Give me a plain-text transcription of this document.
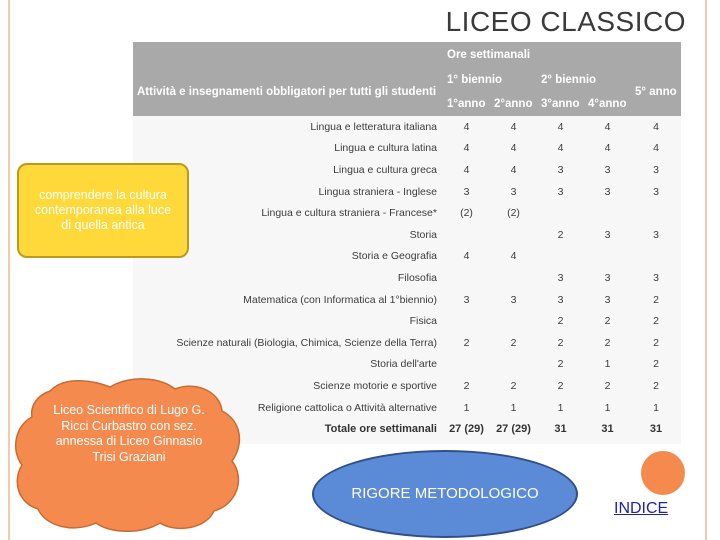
LICEO CLASSICO
	Ore settimanali				
Attività e insegnamenti obbligatori per tutti gli studenti	1° biennio		2° biennio		5° anno
	1°anno	2°anno	3°anno	4°anno	
Lingua e letteratura italiana	4	4	4	4	4
Lingua e cultura latina	4	4	4	4	4
Lingua e cultura greca	4	4	3	3	3
Lingua straniera - Inglese	3	3	3	3	3
Lingua e cultura straniera - Francese*	(2)	(2)			
Storia			2	3	3
Storia e Geografia	4	4			
Filosofia			3	3	3
Matematica (con Informatica al 1°biennio)	3	3	3	3	2
Fisica			2	2	2
Scienze naturali (Biologia, Chimica, Scienze della Terra)	2	2	2	2	2
Storia dell'arte			2	1	2
Scienze motorie e sportive	2	2	2	2	2
Religione cattolica o Attività alternative	1	1	1	1	1
Totale ore settimanali	27 (29)	27 (29)	31	31	31
comprendere la cultura contemporanea alla luce di quella antica
Liceo Scientifico di Lugo G. Ricci Curbastro con sez. annessa di Liceo Ginnasio Trisi Graziani
RIGORE METODOLOGICO
INDICE
